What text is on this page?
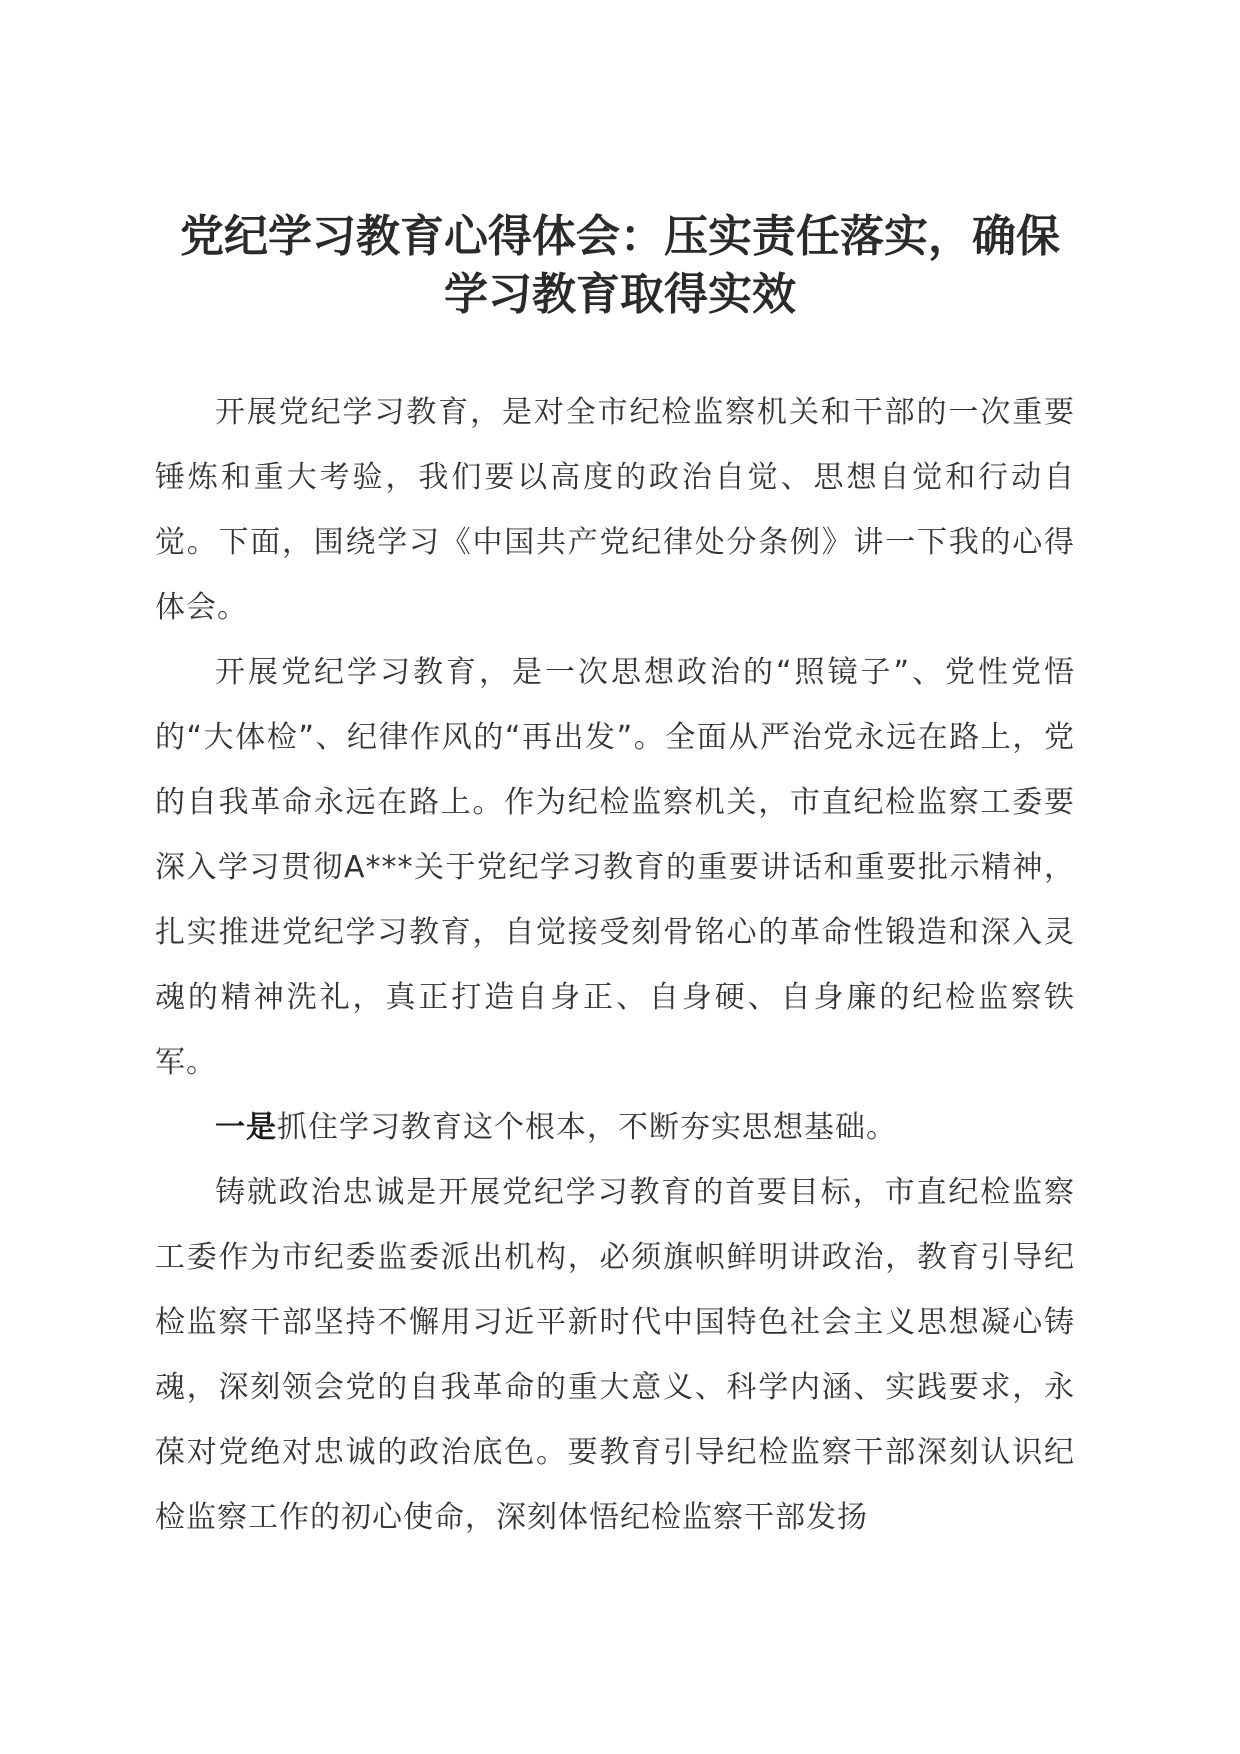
党纪学习教育心得体会：压实责任落实，确保
学习教育取得实效

开展党纪学习教育，是对全市纪检监察机关和干部的一次重要锤炼和重大考验，我们要以高度的政治自觉、思想自觉和行动自觉。下面，围绕学习《中国共产党纪律处分条例》讲一下我的心得体会。

开展党纪学习教育，是一次思想政治的“照镜子”、党性党悟的“大体检”、纪律作风的“再出发”。全面从严治党永远在路上，党的自我革命永远在路上。作为纪检监察机关，市直纪检监察工委要深入学习贯彻A***关于党纪学习教育的重要讲话和重要批示精神，扎实推进党纪学习教育，自觉接受刻骨铭心的革命性锻造和深入灵魂的精神洗礼，真正打造自身正、自身硬、自身廉的纪检监察铁军。

一是抓住学习教育这个根本，不断夯实思想基础。

铸就政治忠诚是开展党纪学习教育的首要目标，市直纪检监察工委作为市纪委监委派出机构，必须旗帜鲜明讲政治，教育引导纪检监察干部坚持不懈用习近平新时代中国特色社会主义思想凝心铸魂，深刻领会党的自我革命的重大意义、科学内涵、实践要求，永葆对党绝对忠诚的政治底色。要教育引导纪检监察干部深刻认识纪检监察工作的初心使命，深刻体悟纪检监察干部发扬
